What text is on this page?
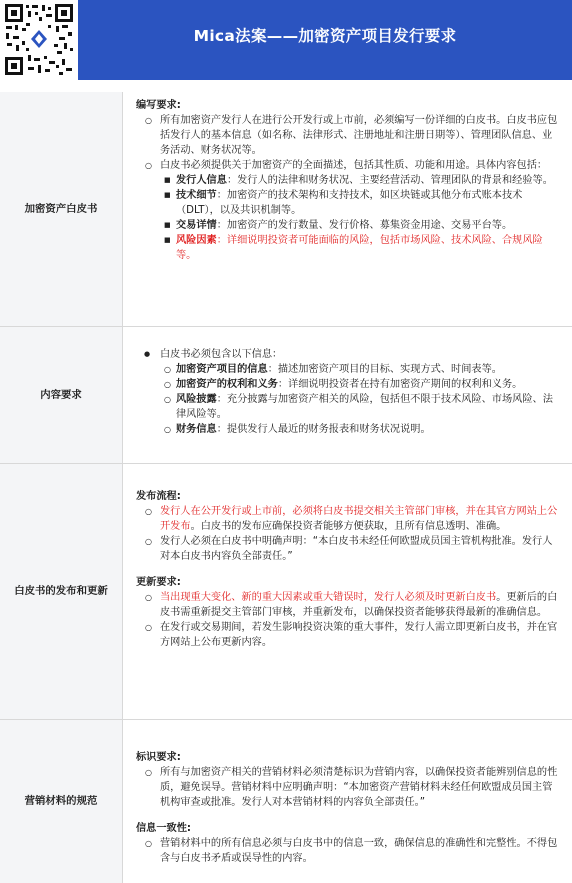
Mica法案——加密资产项目发行要求
加密资产白皮书
编写要求:
○ 所有加密资产发行人在进行公开发行或上市前，必须编写一份详细的白皮书。白皮书应包括发行人的基本信息（如名称、法律形式、注册地址和注册日期等）、管理团队信息、业务活动、财务状况等。
○ 白皮书必须提供关于加密资产的全面描述，包括其性质、功能和用途。具体内容包括：
■ 发行人信息：发行人的法律和财务状况、主要经营活动、管理团队的背景和经验等。
■ 技术细节：加密资产的技术架构和支持技术，如区块链或其他分布式账本技术（DLT），以及共识机制等。
■ 交易详情：加密资产的发行数量、发行价格、募集资金用途、交易平台等。
■ 风险因素：详细说明投资者可能面临的风险，包括市场风险、技术风险、合规风险等。
内容要求
● 白皮书必须包含以下信息：
○ 加密资产项目的信息：描述加密资产项目的目标、实现方式、时间表等。
○ 加密资产的权利和义务：详细说明投资者在持有加密资产期间的权利和义务。
○ 风险披露：充分披露与加密资产相关的风险，包括但不限于技术风险、市场风险、法律风险等。
○ 财务信息：提供发行人最近的财务报表和财务状况说明。
白皮书的发布和更新
发布流程:
○ 发行人在公开发行或上市前，必须将白皮书提交相关主管部门审核，并在其官方网站上公开发布。白皮书的发布应确保投资者能够方便获取，且所有信息透明、准确。
○ 发行人必须在白皮书中明确声明：“本白皮书未经任何欧盟成员国主管机构批准。发行人对本白皮书内容负全部责任。”
更新要求:
○ 当出现重大变化、新的重大因素或重大错误时，发行人必须及时更新白皮书。更新后的白皮书需重新提交主管部门审核，并重新发布，以确保投资者能够获得最新的准确信息。
○ 在发行或交易期间，若发生影响投资决策的重大事件，发行人需立即更新白皮书，并在官方网站上公布更新内容。
营销材料的规范
标识要求:
○ 所有与加密资产相关的营销材料必须清楚标识为营销内容，以确保投资者能辨别信息的性质，避免误导。营销材料中应明确声明：“本加密资产营销材料未经任何欧盟成员国主管机构审查或批准。发行人对本营销材料的内容负全部责任。”
信息一致性:
○ 营销材料中的所有信息必须与白皮书中的信息一致，确保信息的准确性和完整性。不得包含与白皮书矛盾或误导性的内容。
